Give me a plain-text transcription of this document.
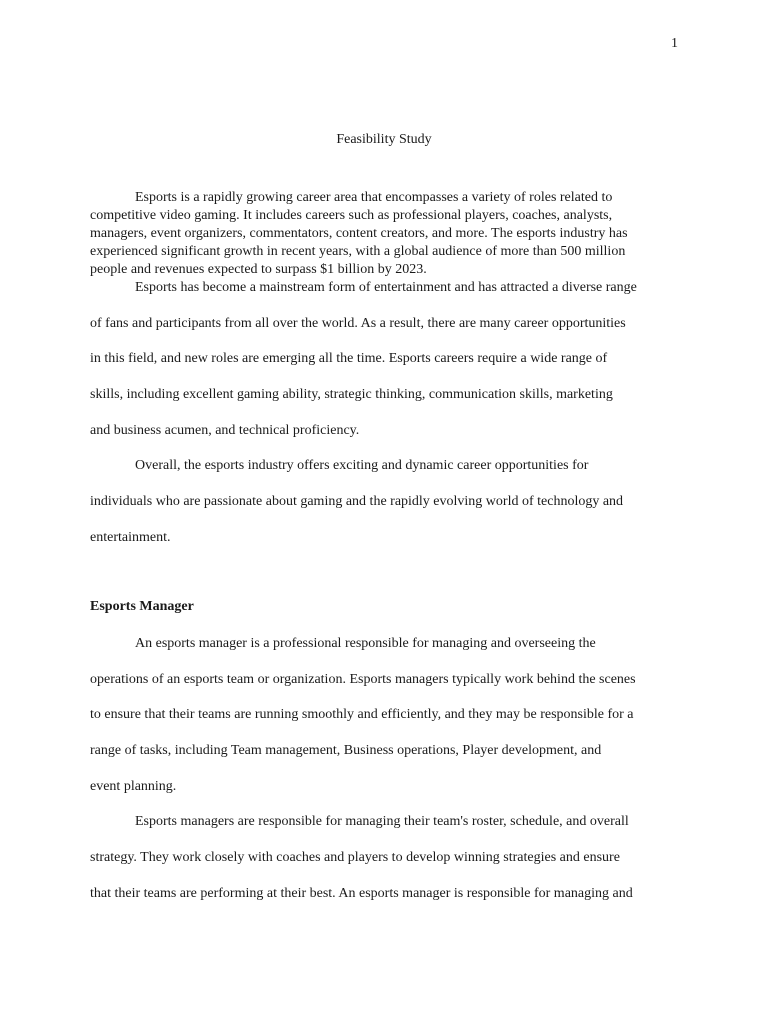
1
Feasibility Study
Esports is a rapidly growing career area that encompasses a variety of roles related to
competitive video gaming. It includes careers such as professional players, coaches, analysts,
managers, event organizers, commentators, content creators, and more. The esports industry has
experienced significant growth in recent years, with a global audience of more than 500 million
people and revenues expected to surpass $1 billion by 2023.
Esports has become a mainstream form of entertainment and has attracted a diverse range
of fans and participants from all over the world. As a result, there are many career opportunities
in this field, and new roles are emerging all the time. Esports careers require a wide range of
skills, including excellent gaming ability, strategic thinking, communication skills, marketing
and business acumen, and technical proficiency.
Overall, the esports industry offers exciting and dynamic career opportunities for
individuals who are passionate about gaming and the rapidly evolving world of technology and
entertainment.
Esports Manager
An esports manager is a professional responsible for managing and overseeing the
operations of an esports team or organization. Esports managers typically work behind the scenes
to ensure that their teams are running smoothly and efficiently, and they may be responsible for a
range of tasks, including Team management, Business operations, Player development, and
event planning.
Esports managers are responsible for managing their team's roster, schedule, and overall
strategy. They work closely with coaches and players to develop winning strategies and ensure
that their teams are performing at their best. An esports manager is responsible for managing and
